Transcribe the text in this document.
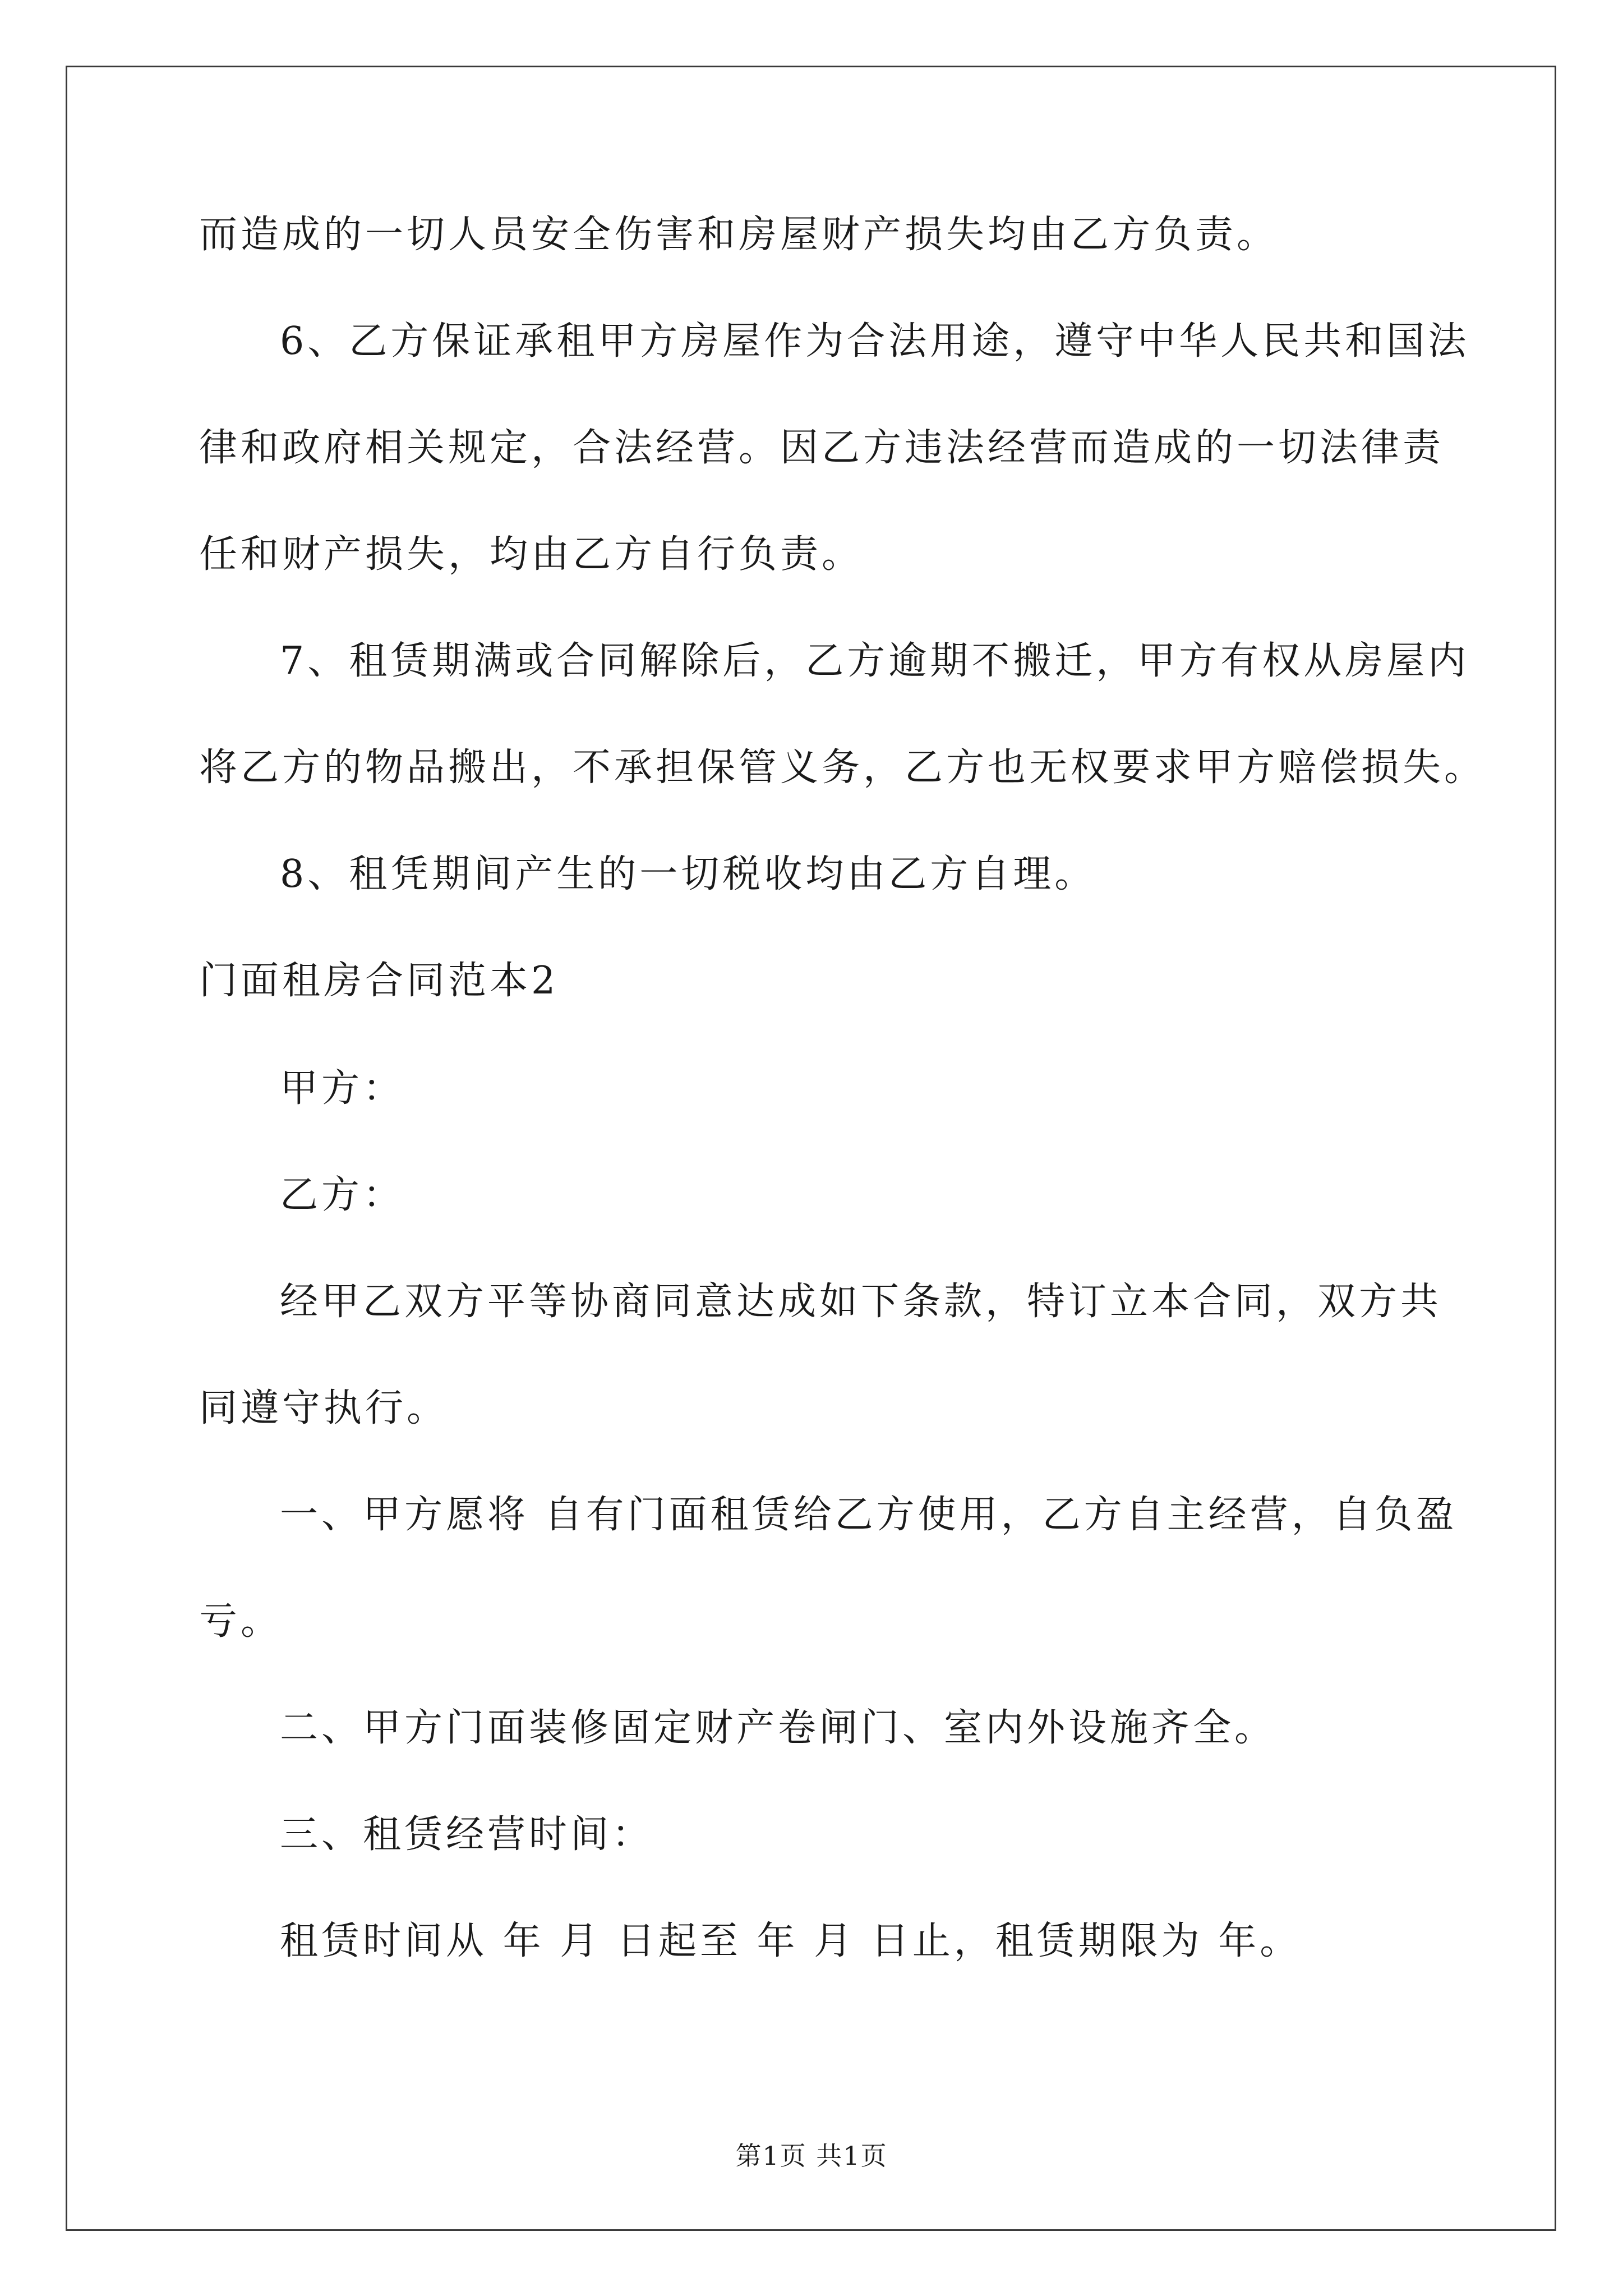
而造成的一切人员安全伤害和房屋财产损失均由乙方负责。
6、乙方保证承租甲方房屋作为合法用途，遵守中华人民共和国法
律和政府相关规定，合法经营。因乙方违法经营而造成的一切法律责
任和财产损失，均由乙方自行负责。
7、租赁期满或合同解除后，乙方逾期不搬迁，甲方有权从房屋内
将乙方的物品搬出，不承担保管义务，乙方也无权要求甲方赔偿损失。
8、租凭期间产生的一切税收均由乙方自理。
门面租房合同范本2
甲方：
乙方：
经甲乙双方平等协商同意达成如下条款，特订立本合同，双方共
同遵守执行。
一、甲方愿将 自有门面租赁给乙方使用，乙方自主经营，自负盈
亏。
二、甲方门面装修固定财产卷闸门、室内外设施齐全。
三、租赁经营时间：
租赁时间从 年 月 日起至 年 月 日止，租赁期限为 年。
第1页 共1页
